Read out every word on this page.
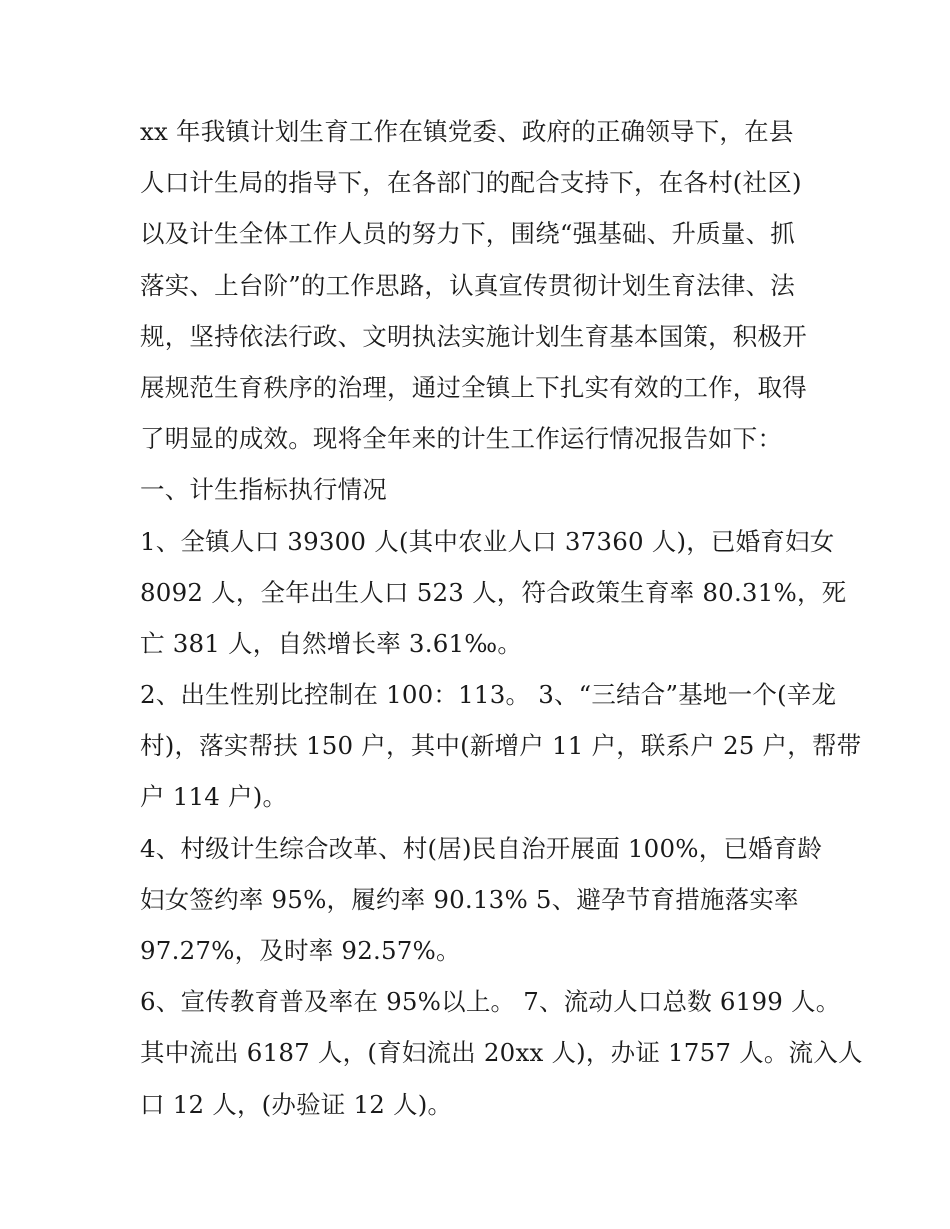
xx 年我镇计划生育工作在镇党委、政府的正确领导下，在县
人口计生局的指导下，在各部门的配合支持下，在各村(社区)
以及计生全体工作人员的努力下，围绕“强基础、升质量、抓
落实、上台阶”的工作思路，认真宣传贯彻计划生育法律、法
规，坚持依法行政、文明执法实施计划生育基本国策，积极开
展规范生育秩序的治理，通过全镇上下扎实有效的工作，取得
了明显的成效。现将全年来的计生工作运行情况报告如下：
一、计生指标执行情况
1、全镇人口 39300 人(其中农业人口 37360 人)，已婚育妇女
8092 人，全年出生人口 523 人，符合政策生育率 80.31%，死
亡 381 人，自然增长率 3.61‰。
2、出生性别比控制在 100：113。 3、“三结合”基地一个(辛龙
村)，落实帮扶 150 户，其中(新增户 11 户，联系户 25 户，帮带
户 114 户)。
4、村级计生综合改革、村(居)民自治开展面 100%，已婚育龄
妇女签约率 95%，履约率 90.13% 5、避孕节育措施落实率
97.27%，及时率 92.57%。
6、宣传教育普及率在 95%以上。 7、流动人口总数 6199 人。
其中流出 6187 人，(育妇流出 20xx 人)，办证 1757 人。流入人
口 12 人，(办验证 12 人)。
